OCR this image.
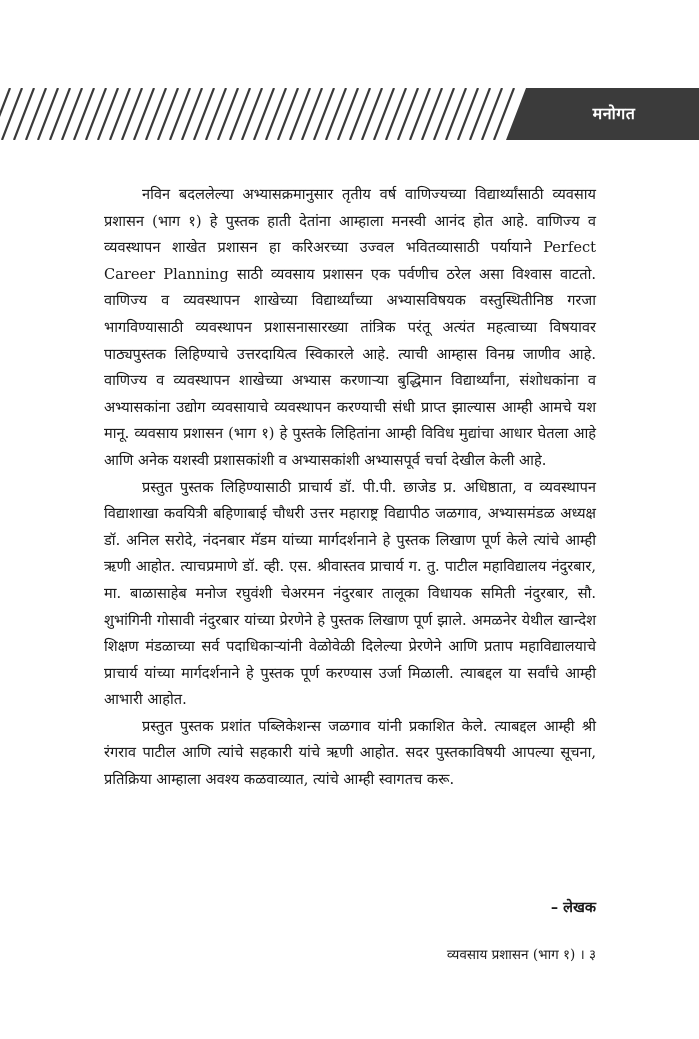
मनोगत

नविन बदललेल्या अभ्यासक्रमानुसार तृतीय वर्ष वाणिज्यच्या विद्यार्थ्यांसाठी व्यवसाय प्रशासन (भाग १) हे पुस्तक हाती देतांना आम्हाला मनस्वी आनंद होत आहे. वाणिज्य व व्यवस्थापन शाखेत प्रशासन हा करिअरच्या उज्वल भवितव्यासाठी पर्यायाने Perfect Career Planning साठी व्यवसाय प्रशासन एक पर्वणीच ठरेल असा विश्वास वाटतो. वाणिज्य व व्यवस्थापन शाखेच्या विद्यार्थ्यांच्या अभ्यासविषयक वस्तुस्थितीनिष्ठ गरजा भागविण्यासाठी व्यवस्थापन प्रशासनासारख्या तांत्रिक परंतू अत्यंत महत्वाच्या विषयावर पाठ्यपुस्तक लिहिण्याचे उत्तरदायित्व स्विकारले आहे. त्याची आम्हास विनम्र जाणीव आहे. वाणिज्य व व्यवस्थापन शाखेच्या अभ्यास करणाऱ्या बुद्धिमान विद्यार्थ्यांना, संशोधकांना व अभ्यासकांना उद्योग व्यवसायाचे व्यवस्थापन करण्याची संधी प्राप्त झाल्यास आम्ही आमचे यश मानू. व्यवसाय प्रशासन (भाग १) हे पुस्तके लिहितांना आम्ही विविध मुद्यांचा आधार घेतला आहे आणि अनेक यशस्वी प्रशासकांशी व अभ्यासकांशी अभ्यासपूर्व चर्चा देखील केली आहे.

प्रस्तुत पुस्तक लिहिण्यासाठी प्राचार्य डॉ. पी.पी. छाजेड प्र. अधिष्ठाता, व व्यवस्थापन विद्याशाखा कवयित्री बहिणाबाई चौधरी उत्तर महाराष्ट्र विद्यापीठ जळगाव, अभ्यासमंडळ अध्यक्ष डॉ. अनिल सरोदे, नंदनबार मॅडम यांच्या मार्गदर्शनाने हे पुस्तक लिखाण पूर्ण केले त्यांचे आम्ही ऋणी आहोत. त्याचप्रमाणे डॉ. व्ही. एस. श्रीवास्तव प्राचार्य ग. तु. पाटील महाविद्यालय नंदुरबार, मा. बाळासाहेब मनोज रघुवंशी चेअरमन नंदुरबार तालूका विधायक समिती नंदुरबार, सौ. शुभांगिनी गोसावी नंदुरबार यांच्या प्रेरणेने हे पुस्तक लिखाण पूर्ण झाले. अमळनेर येथील खान्देश शिक्षण मंडळाच्या सर्व पदाधिकाऱ्यांनी वेळोवेळी दिलेल्या प्रेरणेने आणि प्रताप महाविद्यालयाचे प्राचार्य यांच्या मार्गदर्शनाने हे पुस्तक पूर्ण करण्यास उर्जा मिळाली. त्याबद्दल या सर्वांचे आम्ही आभारी आहोत.

प्रस्तुत पुस्तक प्रशांत पब्लिकेशन्स जळगाव यांनी प्रकाशित केले. त्याबद्दल आम्ही श्री रंगराव पाटील आणि त्यांचे सहकारी यांचे ऋणी आहोत. सदर पुस्तकाविषयी आपल्या सूचना, प्रतिक्रिया आम्हाला अवश्य कळवाव्यात, त्यांचे आम्ही स्वागतच करू.

– लेखक
व्यवसाय प्रशासन (भाग १) । ३
